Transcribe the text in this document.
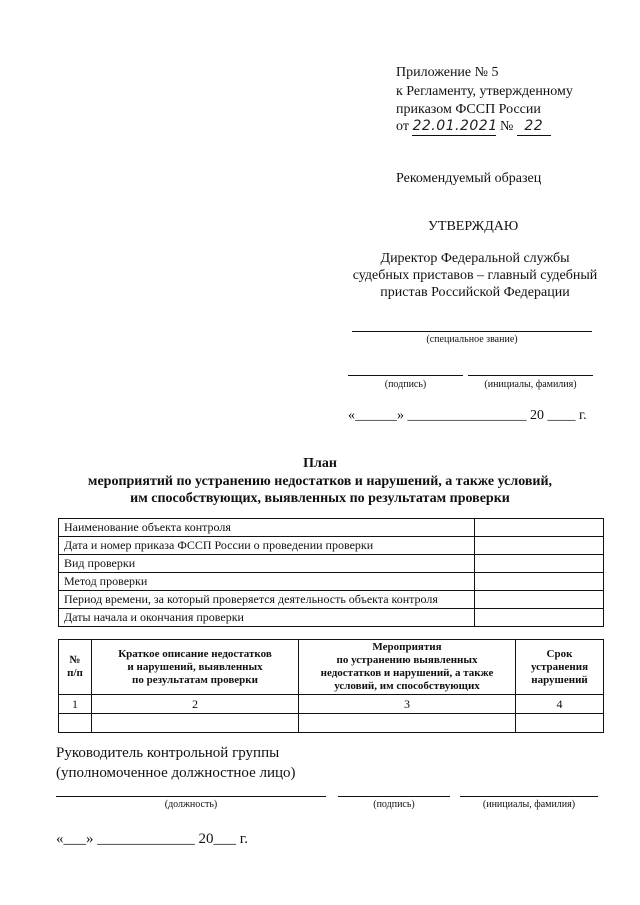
Приложение № 5
к Регламенту, утвержденному
приказом ФССП России
от 22.01.2021 № 22
Рекомендуемый образец
УТВЕРЖДАЮ
Директор Федеральной службы
судебных приставов – главный судебный
пристав Российской Федерации
(специальное звание)
(подпись)	(инициалы, фамилия)
«______» _________________ 20 ____ г.
План
мероприятий по устранению недостатков и нарушений, а также условий,
им способствующих, выявленных по результатам проверки
Наименование объекта контроля	
Дата и номер приказа ФССП России о проведении проверки	
Вид проверки	
Метод проверки	
Период времени, за который проверяется деятельность объекта контроля	
Даты начала и окончания проверки	
№
п/п	Краткое описание недостатков
и нарушений, выявленных
по результатам проверки	Мероприятия
по устранению выявленных
недостатков и нарушений, а также
условий, им способствующих	Срок
устранения
нарушений
1	2	3	4

Руководитель контрольной группы
(уполномоченное должностное лицо)
(должность)	(подпись)	(инициалы, фамилия)
«___» _____________ 20___ г.
